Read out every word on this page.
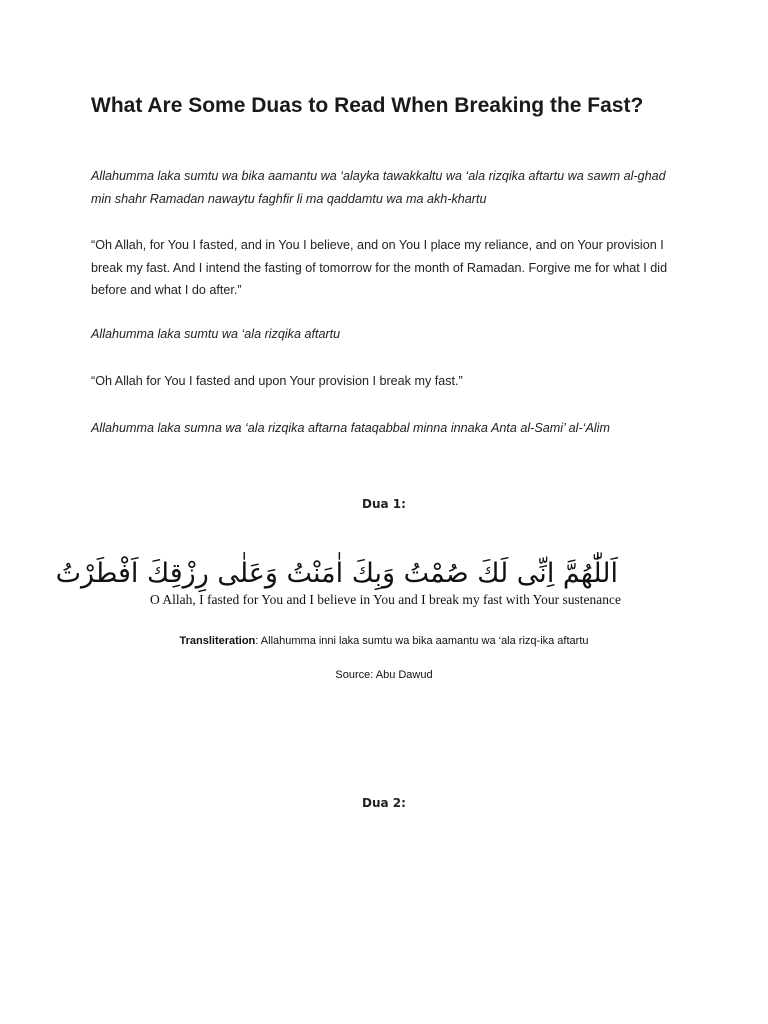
What Are Some Duas to Read When Breaking the Fast?

Allahumma laka sumtu wa bika aamantu wa ‘alayka tawakkaltu wa ‘ala rizqika aftartu wa sawm al-ghad min shahr Ramadan nawaytu faghfir li ma qaddamtu wa ma akh-khartu

“Oh Allah, for You I fasted, and in You I believe, and on You I place my reliance, and on Your provision I break my fast. And I intend the fasting of tomorrow for the month of Ramadan. Forgive me for what I did before and what I do after.”

Allahumma laka sumtu wa ‘ala rizqika aftartu

“Oh Allah for You I fasted and upon Your provision I break my fast.”

Allahumma laka sumna wa ‘ala rizqika aftarna fataqabbal minna innaka Anta al-Sami’ al-‘Alim

Dua 1:
اَللّٰهُمَّ اِنِّی لَكَ صُمْتُ وَبِكَ اٰمَنْتُ وَعَلٰی رِزْقِكَ اَفْطَرْتُ
O Allah, I fasted for You and I believe in You and I break my fast with Your sustenance
Transliteration: Allahumma inni laka sumtu wa bika aamantu wa ‘ala rizq-ika aftartu
Source: Abu Dawud
Dua 2:
